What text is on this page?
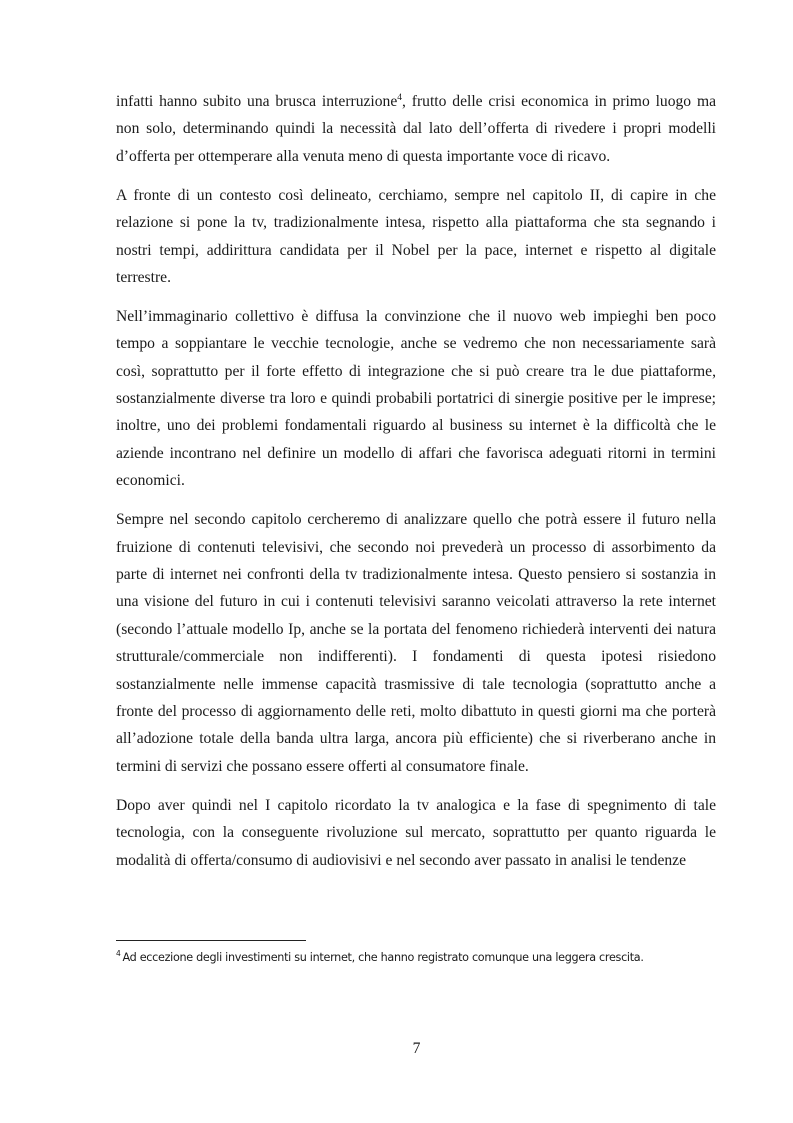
infatti hanno subito una brusca interruzione$^4$, frutto delle crisi economica in primo luogo ma non solo, determinando quindi la necessità dal lato dell’offerta di rivedere i propri modelli d’offerta per ottemperare alla venuta meno di questa importante voce di ricavo.

A fronte di un contesto così delineato, cerchiamo, sempre nel capitolo II, di capire in che relazione si pone la tv, tradizionalmente intesa, rispetto alla piattaforma che sta segnando i nostri tempi, addirittura candidata per il Nobel per la pace, internet e rispetto al digitale terrestre.

Nell’immaginario collettivo è diffusa la convinzione che il nuovo web impieghi ben poco tempo a soppiantare le vecchie tecnologie, anche se vedremo che non necessariamente sarà così, soprattutto per il forte effetto di integrazione che si può creare tra le due piattaforme, sostanzialmente diverse tra loro e quindi probabili portatrici di sinergie positive per le imprese; inoltre, uno dei problemi fondamentali riguardo al business su internet è la difficoltà che le aziende incontrano nel definire un modello di affari che favorisca adeguati ritorni in termini economici.

Sempre nel secondo capitolo cercheremo di analizzare quello che potrà essere il futuro nella fruizione di contenuti televisivi, che secondo noi prevederà un processo di assorbimento da parte di internet nei confronti della tv tradizionalmente intesa. Questo pensiero si sostanzia in una visione del futuro in cui i contenuti televisivi saranno veicolati attraverso la rete internet (secondo l’attuale modello Ip, anche se la portata del fenomeno richiederà interventi dei natura strutturale/commerciale non indifferenti). I fondamenti di questa ipotesi risiedono sostanzialmente nelle immense capacità trasmissive di tale tecnologia (soprattutto anche a fronte del processo di aggiornamento delle reti, molto dibattuto in questi giorni ma che porterà all’adozione totale della banda ultra larga, ancora più efficiente) che si riverberano anche in termini di servizi che possano essere offerti al consumatore finale.

Dopo aver quindi nel I capitolo ricordato la tv analogica e la fase di spegnimento di tale tecnologia, con la conseguente rivoluzione sul mercato, soprattutto per quanto riguarda le modalità di offerta/consumo di audiovisivi e nel secondo aver passato in analisi le tendenze

$^4$ Ad eccezione degli investimenti su internet, che hanno registrato comunque una leggera crescita.
7
